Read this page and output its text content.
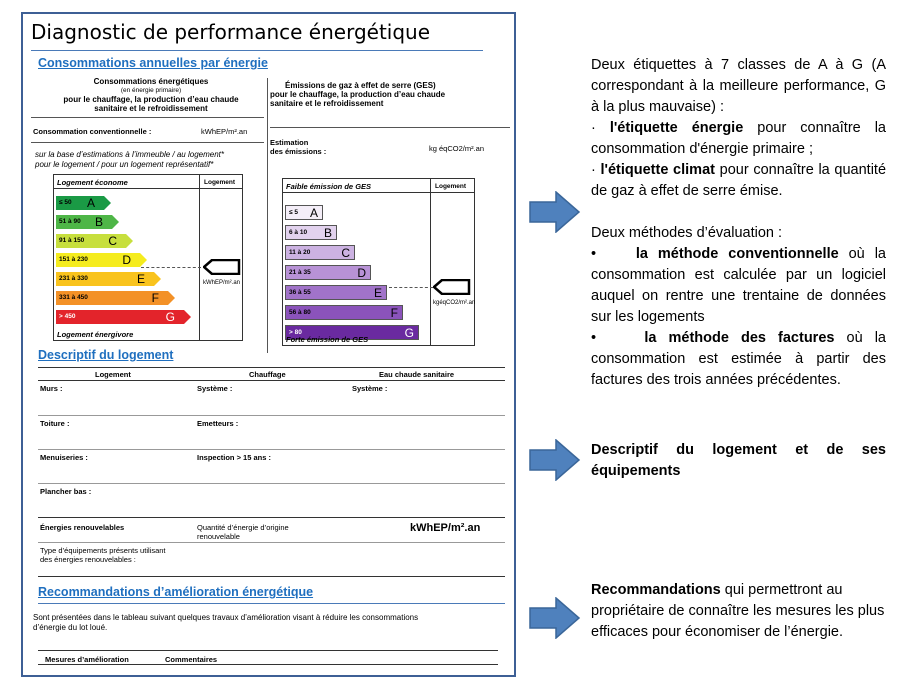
Diagnostic de performance énergétique
Consommations annuelles par énergie
Consommations énergétiques
(en énergie primaire)
pour le chauffage, la production d’eau chaude
sanitaire et le refroidissement
Consommation conventionnelle :	kWhEP/m².an
sur la base d’estimations à l’immeuble / au logement*
pour le logement / pour un logement représentatif*
Émissions de gaz à effet de serre (GES)
pour le chauffage, la production d’eau chaude
sanitaire et le refroidissement
Estimation
des émissions :	kg éqCO2/m².an
Logement économe	Logement
≤ 50 A
51 à 90 B
91 à 150 C
151 à 230	D
231 à 330	E
331 à 450	F
> 450	G
Logement énergivore
kWhEP/m².an
Faible émission de GES	Logement
≤ 5 A
6 à 10 B
11 à 20	C
21 à 35	D
36 à 55	E
56 à 80	F
> 80	G
Forte émission de GES
kgéqCO2/m².an
Descriptif du logement
Logement	Chauffage	Eau chaude sanitaire
Murs :	Système :	Système :
Toiture :	Emetteurs :
Menuiseries :	Inspection > 15 ans :
Plancher bas :
Énergies renouvelables	Quantité d’énergie d’origine
renouvelable
kWhEP/m².an
Type d’équipements présents utilisant
des énergies renouvelables :
Recommandations d’amélioration énergétique
Sont présentées dans le tableau suivant quelques travaux d’amélioration visant à réduire les consommations
d’énergie du lot loué.
Mesures d’amélioration	Commentaires
Deux étiquettes à 7 classes de A à G (A correspondant à la meilleure performance, G à la plus mauvaise) :
· l'étiquette énergie pour connaître la consommation d'énergie primaire ;
· l'étiquette climat pour connaître la quantité de gaz à effet de serre émise.
Deux méthodes d’évaluation :
•    la méthode conventionnelle où la consommation est calculée par un logiciel auquel on rentre une trentaine de données sur les logements
•    la méthode des factures où la consommation est estimée à partir des factures des trois années précédentes.
Descriptif du logement et de ses équipements
Recommandations qui permettront au propriétaire de connaître les mesures les plus efficaces pour économiser de l’énergie.
